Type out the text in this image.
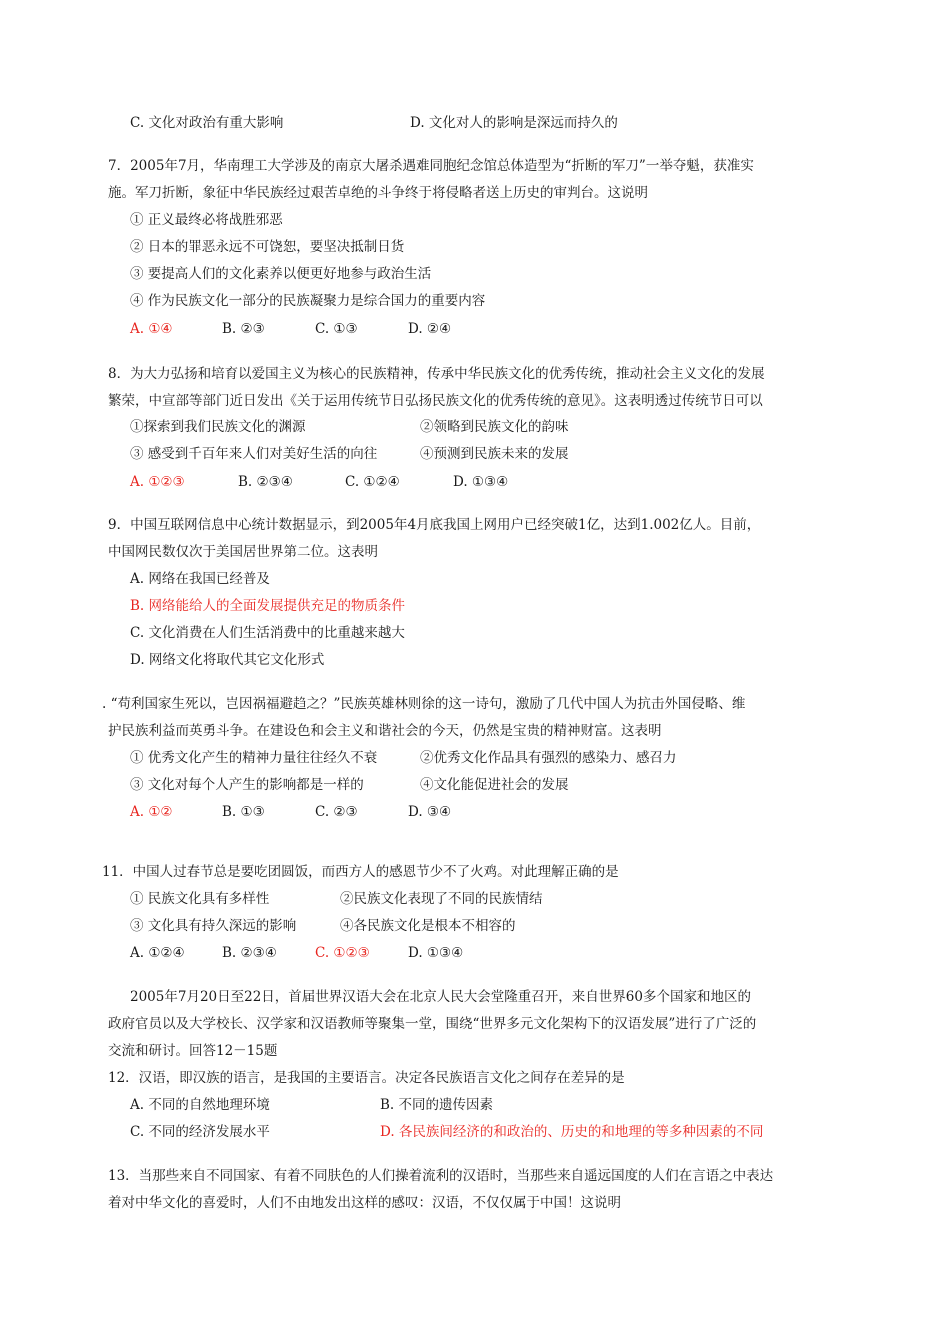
C. 文化对政治有重大影响	D. 文化对人的影响是深远而持久的
7．2005年7月，华南理工大学涉及的南京大屠杀遇难同胞纪念馆总体造型为“折断的军刀”一举夺魁，获准实
施。军刀折断，象征中华民族经过艰苦卓绝的斗争终于将侵略者送上历史的审判台。这说明
① 正义最终必将战胜邪恶
② 日本的罪恶永远不可饶恕，要坚决抵制日货
③ 要提高人们的文化素养以便更好地参与政治生活
④ 作为民族文化一部分的民族凝聚力是综合国力的重要内容
A. ①④	B. ②③	C. ①③	D. ②④
8．为大力弘扬和培育以爱国主义为核心的民族精神，传承中华民族文化的优秀传统，推动社会主义文化的发展
繁荣，中宣部等部门近日发出《关于运用传统节日弘扬民族文化的优秀传统的意见》。这表明透过传统节日可以
①探索到我们民族文化的渊源	②领略到民族文化的韵味
③ 感受到千百年来人们对美好生活的向往	④预测到民族未来的发展
A. ①②③	B. ②③④	C. ①②④	D. ①③④
9．中国互联网信息中心统计数据显示，到2005年4月底我国上网用户已经突破1亿，达到1.002亿人。目前，
中国网民数仅次于美国居世界第二位。这表明
A. 网络在我国已经普及
B. 网络能给人的全面发展提供充足的物质条件
C. 文化消费在人们生活消费中的比重越来越大
D. 网络文化将取代其它文化形式
. “苟利国家生死以，岂因祸福避趋之？”民族英雄林则徐的这一诗句，激励了几代中国人为抗击外国侵略、维
护民族利益而英勇斗争。在建设色和会主义和谐社会的今天，仍然是宝贵的精神财富。这表明
① 优秀文化产生的精神力量往往经久不衰	②优秀文化作品具有强烈的感染力、感召力
③ 文化对每个人产生的影响都是一样的	④文化能促进社会的发展
A. ①②	B. ①③	C. ②③	D. ③④
11．中国人过春节总是要吃团圆饭，而西方人的感恩节少不了火鸡。对此理解正确的是
① 民族文化具有多样性	②民族文化表现了不同的民族情结
③ 文化具有持久深远的影响	④各民族文化是根本不相容的
A. ①②④	B. ②③④	C. ①②③	D. ①③④
2005年7月20日至22日，首届世界汉语大会在北京人民大会堂隆重召开，来自世界60多个国家和地区的
政府官员以及大学校长、汉学家和汉语教师等聚集一堂，围绕“世界多元文化架构下的汉语发展”进行了广泛的
交流和研讨。回答12－15题
12．汉语，即汉族的语言，是我国的主要语言。决定各民族语言文化之间存在差异的是
A. 不同的自然地理环境	B. 不同的遗传因素
C. 不同的经济发展水平	D. 各民族间经济的和政治的、历史的和地理的等多种因素的不同
13．当那些来自不同国家、有着不同肤色的人们操着流利的汉语时，当那些来自遥远国度的人们在言语之中表达
着对中华文化的喜爱时，人们不由地发出这样的感叹：汉语，不仅仅属于中国！这说明
